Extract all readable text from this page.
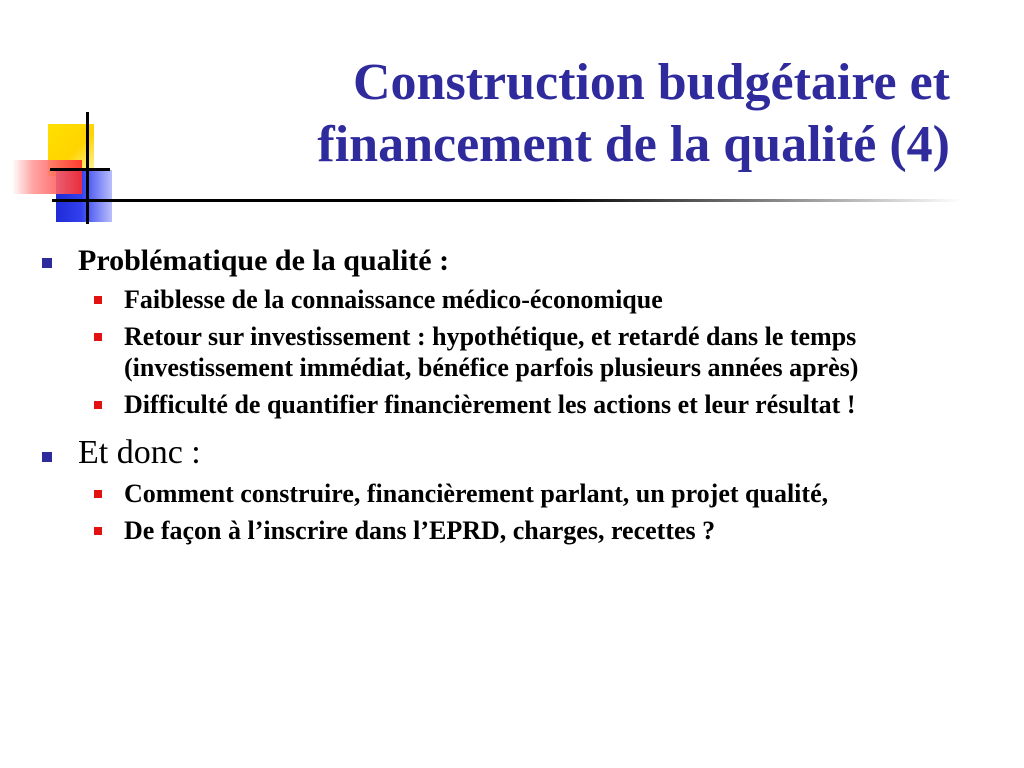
Construction budgétaire et
financement de la qualité (4)
Problématique de la qualité :
Faiblesse de la connaissance médico-économique
Retour sur investissement : hypothétique, et retardé dans le temps (investissement immédiat, bénéfice parfois plusieurs années après)
Difficulté de quantifier financièrement les actions et leur résultat !
Et donc :
Comment construire, financièrement parlant, un projet qualité,
De façon à l’inscrire dans l’EPRD, charges, recettes ?
